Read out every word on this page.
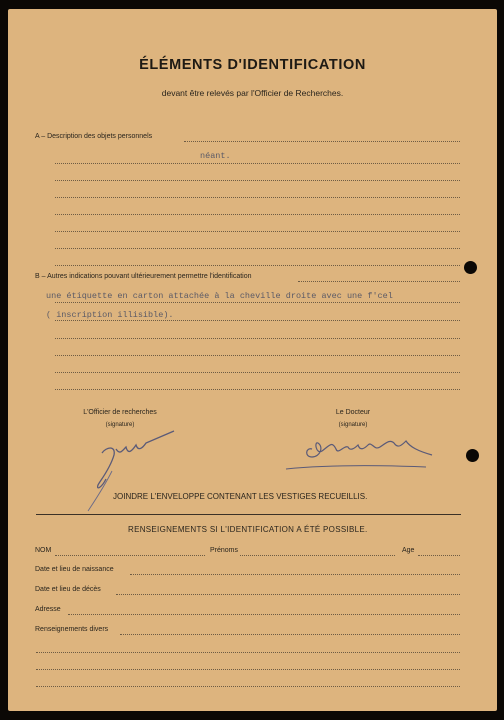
ÉLÉMENTS D'IDENTIFICATION
devant être relevés par l'Officier de Recherches.
A – Description des objets personnels
néant.
B – Autres indications pouvant ultérieurement permettre l'identification
une étiquette en carton attachée à la cheville droite avec une f'cel
( inscription illisible).
L'Officier de recherches
(signature)
Le Docteur
(signature)
JOINDRE L'ENVELOPPE CONTENANT LES VESTIGES RECUEILLIS.
RENSEIGNEMENTS SI L'IDENTIFICATION A ÉTÉ POSSIBLE.
NOM	Prénoms	Age
Date et lieu de naissance
Date et lieu de décès
Adresse
Renseignements divers
